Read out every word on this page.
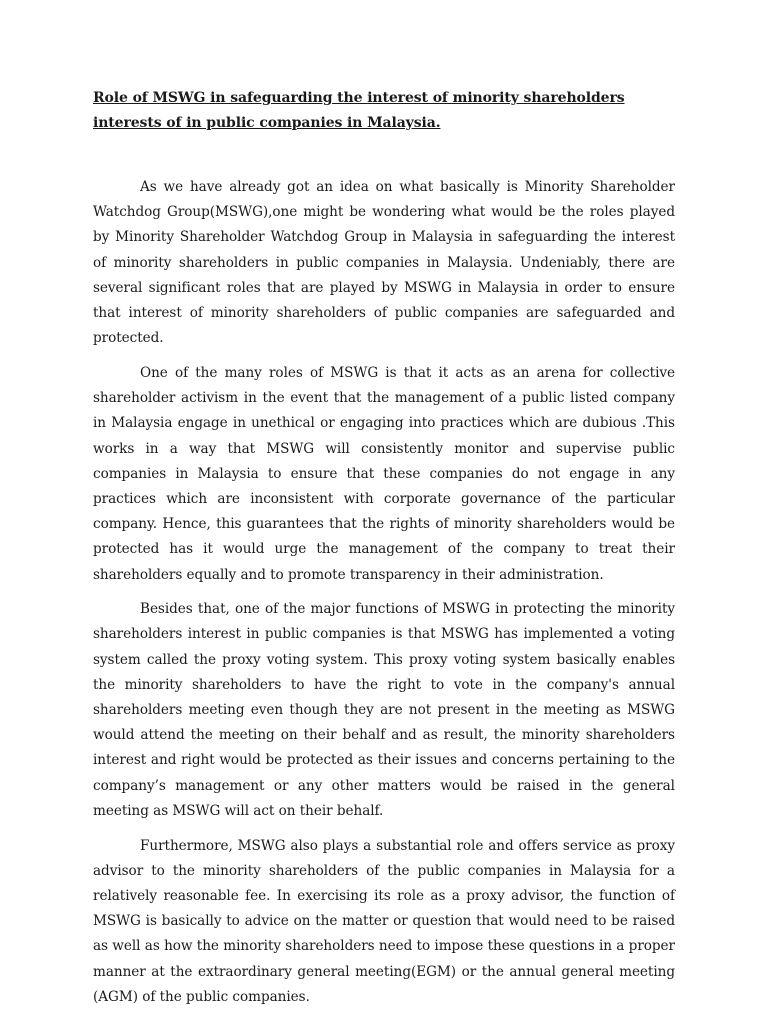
Role of MSWG in safeguarding the interest of minority shareholders interests of in public companies in Malaysia.

As we have already got an idea on what basically is Minority Shareholder Watchdog Group(MSWG),one might be wondering what would be the roles played by Minority Shareholder Watchdog Group in Malaysia in safeguarding the interest of minority shareholders in public companies in Malaysia. Undeniably, there are several significant roles that are played by MSWG in Malaysia in order to ensure that interest of minority shareholders of public companies are safeguarded and protected.

One of the many roles of MSWG is that it acts as an arena for collective shareholder activism in the event that the management of a public listed company in Malaysia engage in unethical or engaging into practices which are dubious .This works in a way that MSWG will consistently monitor and supervise public companies in Malaysia to ensure that these companies do not engage in any practices which are inconsistent with corporate governance of the particular company. Hence, this guarantees that the rights of minority shareholders would be protected has it would urge the management of the company to treat their shareholders equally and to promote transparency in their administration.

Besides that, one of the major functions of MSWG in protecting the minority shareholders interest in public companies is that MSWG has implemented a voting system called the proxy voting system. This proxy voting system basically enables the minority shareholders to have the right to vote in the company's annual shareholders meeting even though they are not present in the meeting as MSWG would attend the meeting on their behalf and as result, the minority shareholders interest and right would be protected as their issues and concerns pertaining to the company’s management or any other matters would be raised in the general meeting as MSWG will act on their behalf.

Furthermore, MSWG also plays a substantial role and offers service as proxy advisor to the minority shareholders of the public companies in Malaysia for a relatively reasonable fee. In exercising its role as a proxy advisor, the function of MSWG is basically to advice on the matter or question that would need to be raised as well as how the minority shareholders need to impose these questions in a proper manner at the extraordinary general meeting(EGM) or the annual general meeting (AGM) of the public companies.
